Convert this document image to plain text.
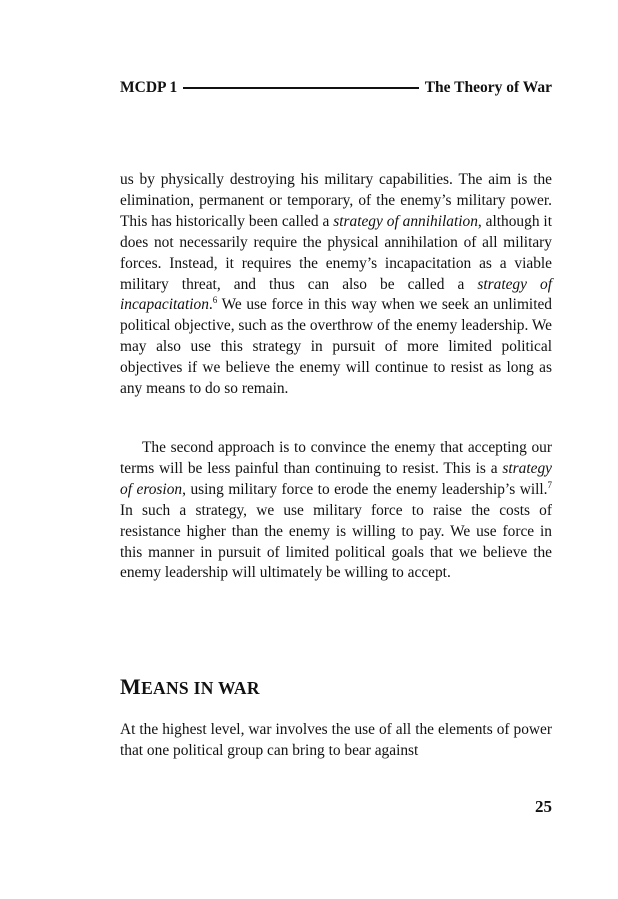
MCDP 1	The Theory of War

us by physically destroying his military capabilities. The aim is the elimination, permanent or temporary, of the enemy’s military power. This has historically been called a strategy of annihilation, although it does not necessarily require the physical annihilation of all military forces. Instead, it requires the enemy’s incapacitation as a viable military threat, and thus can also be called a strategy of incapacitation.$^6$ We use force in this way when we seek an unlimited political objective, such as the overthrow of the enemy leadership. We may also use this strategy in pursuit of more limited political objectives if we believe the enemy will continue to resist as long as any means to do so remain.

The second approach is to convince the enemy that accepting our terms will be less painful than continuing to resist. This is a strategy of erosion, using military force to erode the enemy leadership’s will.$^7$ In such a strategy, we use military force to raise the costs of resistance higher than the enemy is willing to pay. We use force in this manner in pursuit of limited political goals that we believe the enemy leadership will ultimately be willing to accept.

MEANS IN WAR

At the highest level, war involves the use of all the elements of power that one political group can bring to bear against

25
